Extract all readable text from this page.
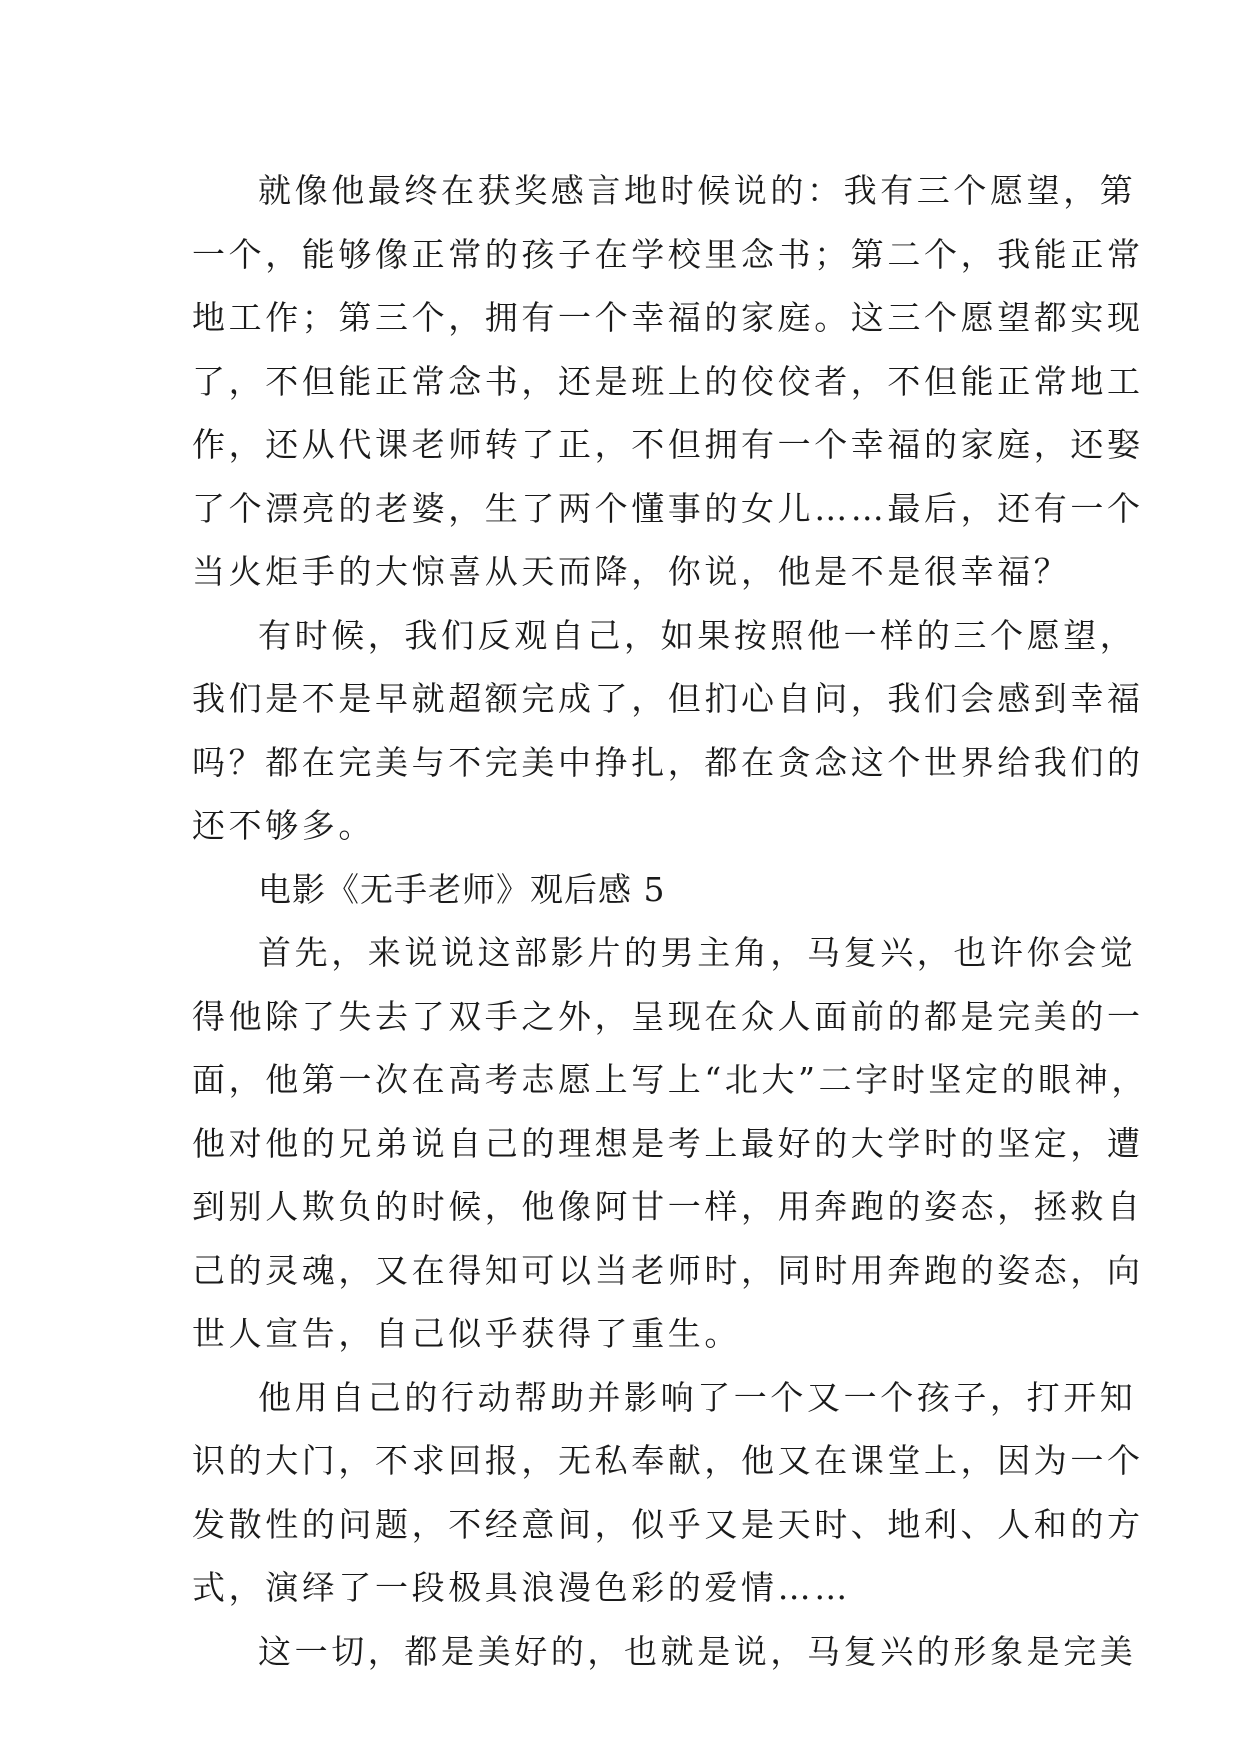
就像他最终在获奖感言地时候说的：我有三个愿望，第
一个，能够像正常的孩子在学校里念书；第二个，我能正常
地工作；第三个，拥有一个幸福的家庭。这三个愿望都实现
了，不但能正常念书，还是班上的佼佼者，不但能正常地工
作，还从代课老师转了正，不但拥有一个幸福的家庭，还娶
了个漂亮的老婆，生了两个懂事的女儿……最后，还有一个
当火炬手的大惊喜从天而降，你说，他是不是很幸福？
有时候，我们反观自己，如果按照他一样的三个愿望，
我们是不是早就超额完成了，但扪心自问，我们会感到幸福
吗？都在完美与不完美中挣扎，都在贪念这个世界给我们的
还不够多。
电影《无手老师》观后感 5
首先，来说说这部影片的男主角，马复兴，也许你会觉
得他除了失去了双手之外，呈现在众人面前的都是完美的一
面，他第一次在高考志愿上写上“北大”二字时坚定的眼神，
他对他的兄弟说自己的理想是考上最好的大学时的坚定，遭
到别人欺负的时候，他像阿甘一样，用奔跑的姿态，拯救自
己的灵魂，又在得知可以当老师时，同时用奔跑的姿态，向
世人宣告，自己似乎获得了重生。
他用自己的行动帮助并影响了一个又一个孩子，打开知
识的大门，不求回报，无私奉献，他又在课堂上，因为一个
发散性的问题，不经意间，似乎又是天时、地利、人和的方
式，演绎了一段极具浪漫色彩的爱情……
这一切，都是美好的，也就是说，马复兴的形象是完美
